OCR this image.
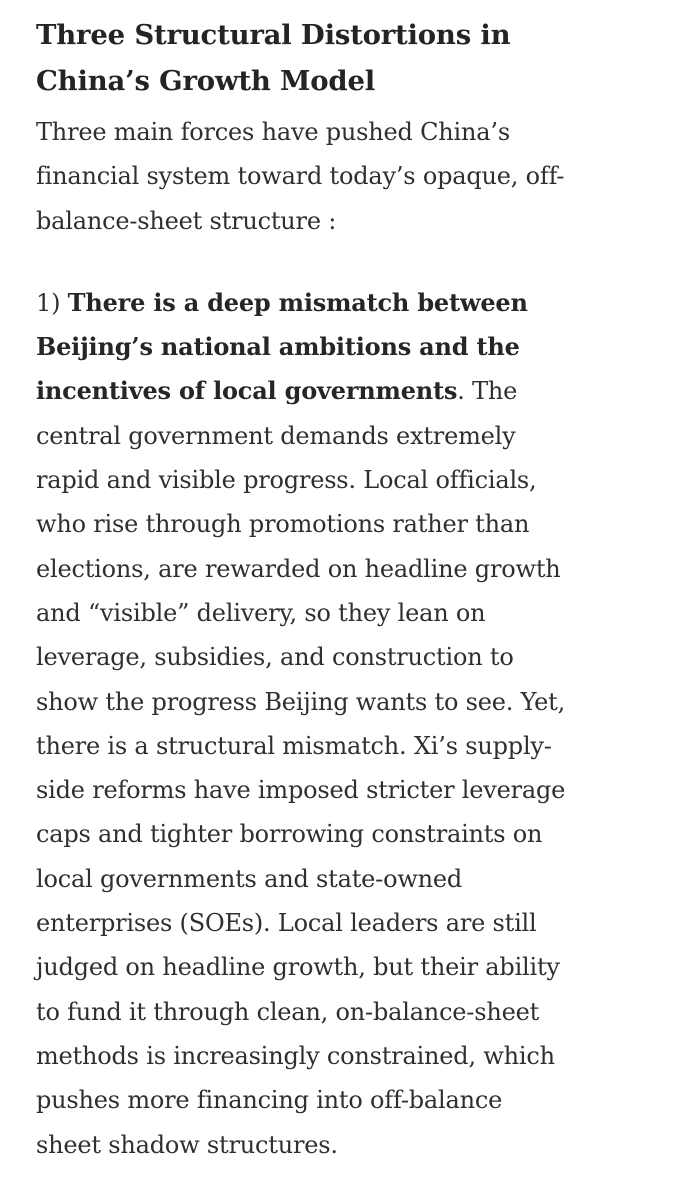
Three Structural Distortions in
China’s Growth Model

Three main forces have pushed China’s
financial system toward today’s opaque, off-
balance-sheet structure :

1) There is a deep mismatch between
Beijing’s national ambitions and the
incentives of local governments. The
central government demands extremely
rapid and visible progress. Local officials,
who rise through promotions rather than
elections, are rewarded on headline growth
and “visible” delivery, so they lean on
leverage, subsidies, and construction to
show the progress Beijing wants to see. Yet,
there is a structural mismatch. Xi’s supply-
side reforms have imposed stricter leverage
caps and tighter borrowing constraints on
local governments and state-owned
enterprises (SOEs). Local leaders are still
judged on headline growth, but their ability
to fund it through clean, on-balance-sheet
methods is increasingly constrained, which
pushes more financing into off-balance
sheet shadow structures.
